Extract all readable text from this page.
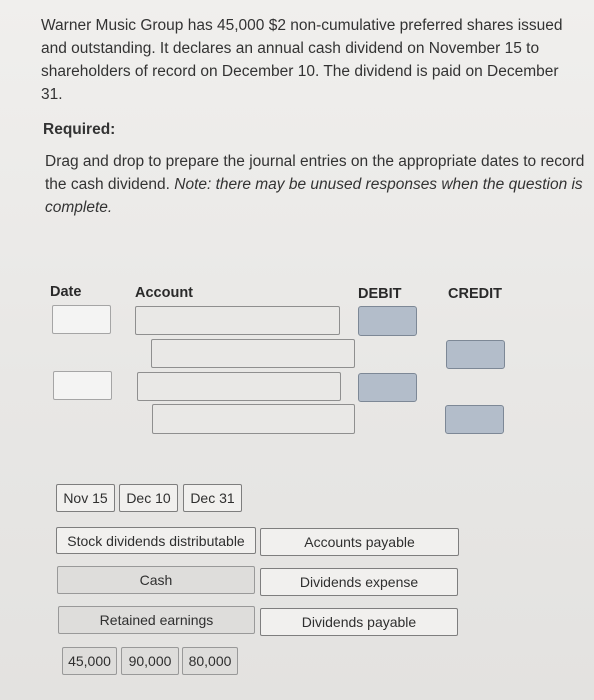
Warner Music Group has 45,000 $2 non-cumulative preferred shares issued and outstanding. It declares an annual cash dividend on November 15 to shareholders of record on December 10. The dividend is paid on December 31.
Required:
Drag and drop to prepare the journal entries on the appropriate dates to record the cash dividend. Note: there may be unused responses when the question is complete.
Date	Account	DEBIT	CREDIT
Nov 15	Dec 10	Dec 31
Stock dividends distributable	Accounts payable
Cash	Dividends expense
Retained earnings	Dividends payable
45,000	90,000	80,000
